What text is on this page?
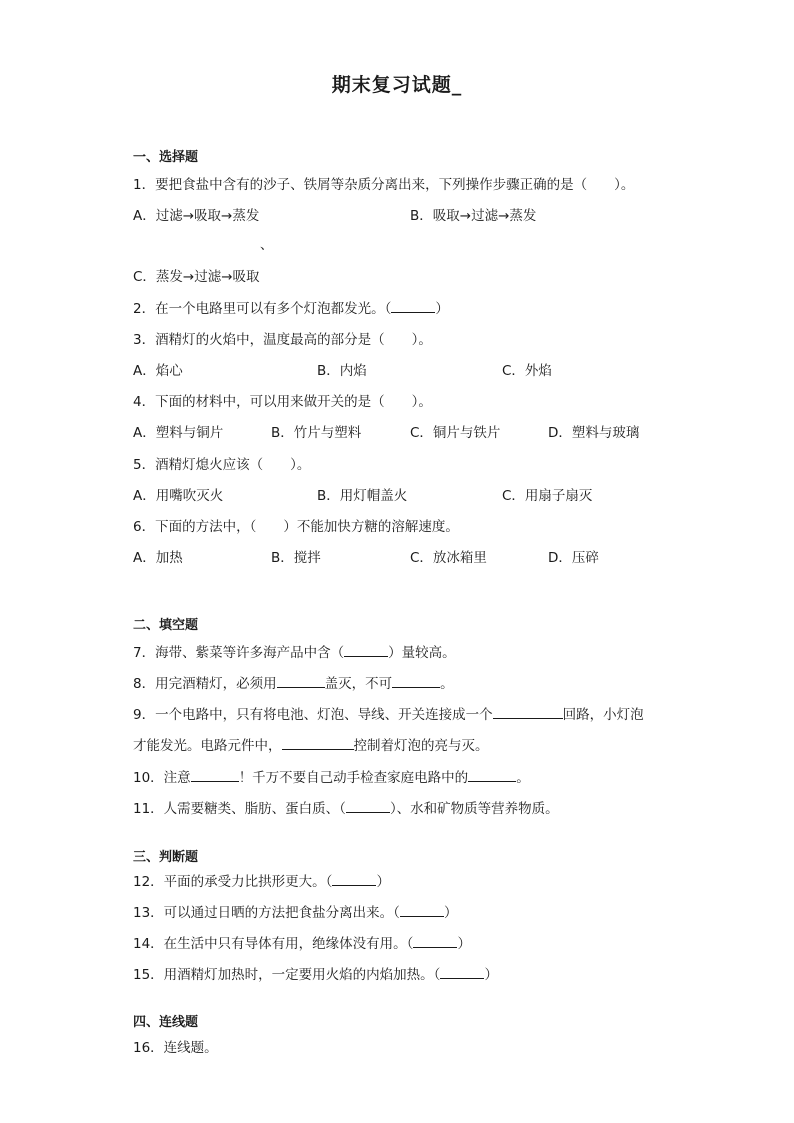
期末复习试题_
一、选择题
1．要把食盐中含有的沙子、铁屑等杂质分离出来，下列操作步骤正确的是（　　）。
A．过滤→吸取→蒸发	B．吸取→过滤→蒸发
、
C．蒸发→过滤→吸取
2．在一个电路里可以有多个灯泡都发光。（	）
3．酒精灯的火焰中，温度最高的部分是（　　）。
A．焰心	B．内焰	C．外焰
4．下面的材料中，可以用来做开关的是（　　）。
A．塑料与铜片	B．竹片与塑料	C．铜片与铁片	D．塑料与玻璃
5．酒精灯熄火应该（　　）。
A．用嘴吹灭火	B．用灯帽盖火	C．用扇子扇灭
6．下面的方法中，（　　）不能加快方糖的溶解速度。
A．加热	B．搅拌	C．放冰箱里	D．压碎
二、填空题
7．海带、紫菜等许多海产品中含（	）量较高。
8．用完酒精灯，必须用	盖灭，不可	。
9．一个电路中，只有将电池、灯泡、导线、开关连接成一个	回路，小灯泡
才能发光。电路元件中，	控制着灯泡的亮与灭。
10．注意	！千万不要自己动手检查家庭电路中的	。
11．人需要糖类、脂肪、蛋白质、（	）、水和矿物质等营养物质。
三、判断题
12．平面的承受力比拱形更大。（	）
13．可以通过日晒的方法把食盐分离出来。（	）
14．在生活中只有导体有用，绝缘体没有用。（	）
15．用酒精灯加热时，一定要用火焰的内焰加热。（	）
四、连线题
16．连线题。
